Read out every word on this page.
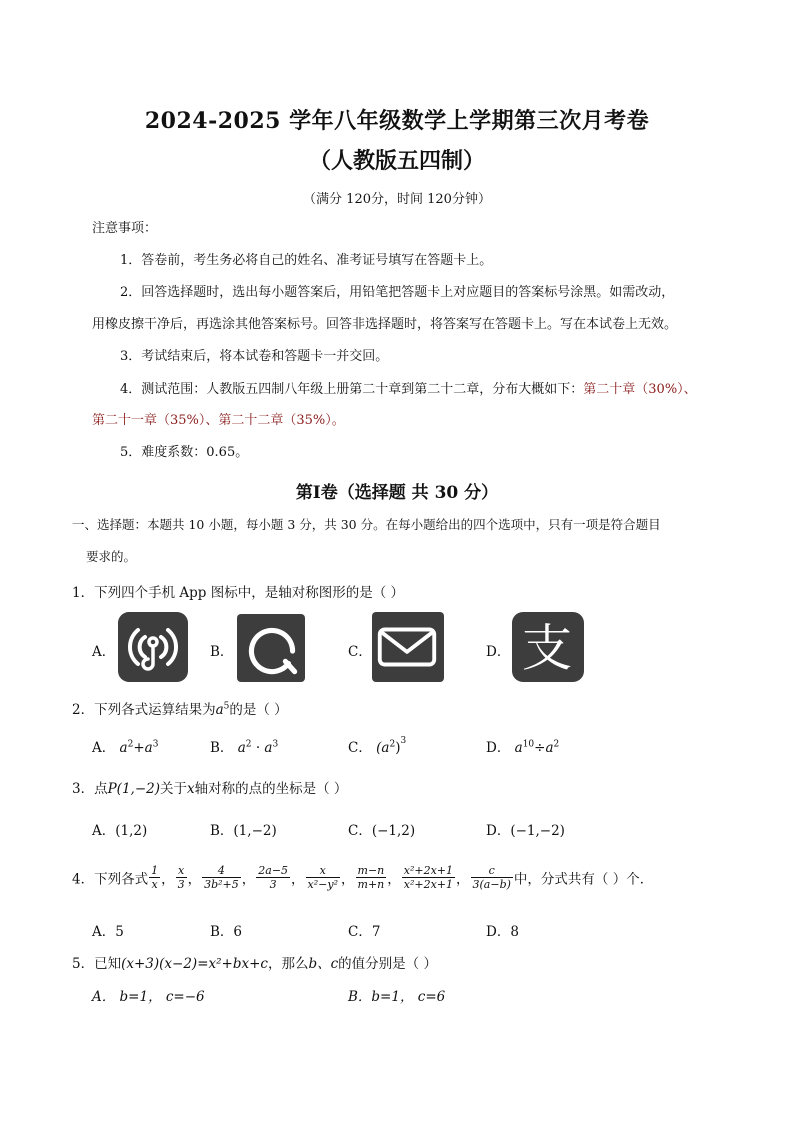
2024-2025 学年八年级数学上学期第三次月考卷
（人教版五四制）
（满分 120分，时间 120分钟）
注意事项：
1．答卷前，考生务必将自己的姓名、准考证号填写在答题卡上。
2．回答选择题时，选出每小题答案后，用铅笔把答题卡上对应题目的答案标号涂黑。如需改动，
用橡皮擦干净后，再选涂其他答案标号。回答非选择题时，将答案写在答题卡上。写在本试卷上无效。
3．考试结束后，将本试卷和答题卡一并交回。
4．测试范围：人教版五四制八年级上册第二十章到第二十二章，分布大概如下：第二十章（30%）、
第二十一章（35%）、第二十二章（35%）。
5．难度系数：0.65。
第Ⅰ卷（选择题 共 30 分）
一、选择题：本题共 10 小题，每小题 3 分，共 30 分。在每小题给出的四个选项中，只有一项是符合题目
要求的。
1．下列四个手机 App 图标中，是轴对称图形的是（ ）
A．	B．	C．	D． 支
2．下列各式运算结果为$a^5$的是（ ）
A． $a^2+a^3$	B． $a^2 \cdot a^3$	C． $(a^2)^3$	D． $a^{10}\div a^2$
3．点P(1,−2)关于x轴对称的点的坐标是（ ）
A．(1,2)	B．(1,−2)	C．(−1,2)	D．(−1,−2)
4．下列各式 $\frac{1}{x}$ ， $\frac{x}{3}$ ， $\frac{4}{\text{3b²+5}}$ ， $\frac{2a-5}{3}$ ， $\frac{x}{\text{x²−y²}}$ ， $\frac{m-n}{m+n}$ ， $\frac{\text{x²+2x+1}}{\text{x²+2x+1}}$ ， $\frac{c}{3(a-b)}$ 中，分式共有（ ）个．
A．5	B．6	C．7	D．8
5．已知(x+3)(x−2)=x²+bx+c，那么b、c的值分别是（ ）
A． b=1， c=−6	B．b=1， c=6
